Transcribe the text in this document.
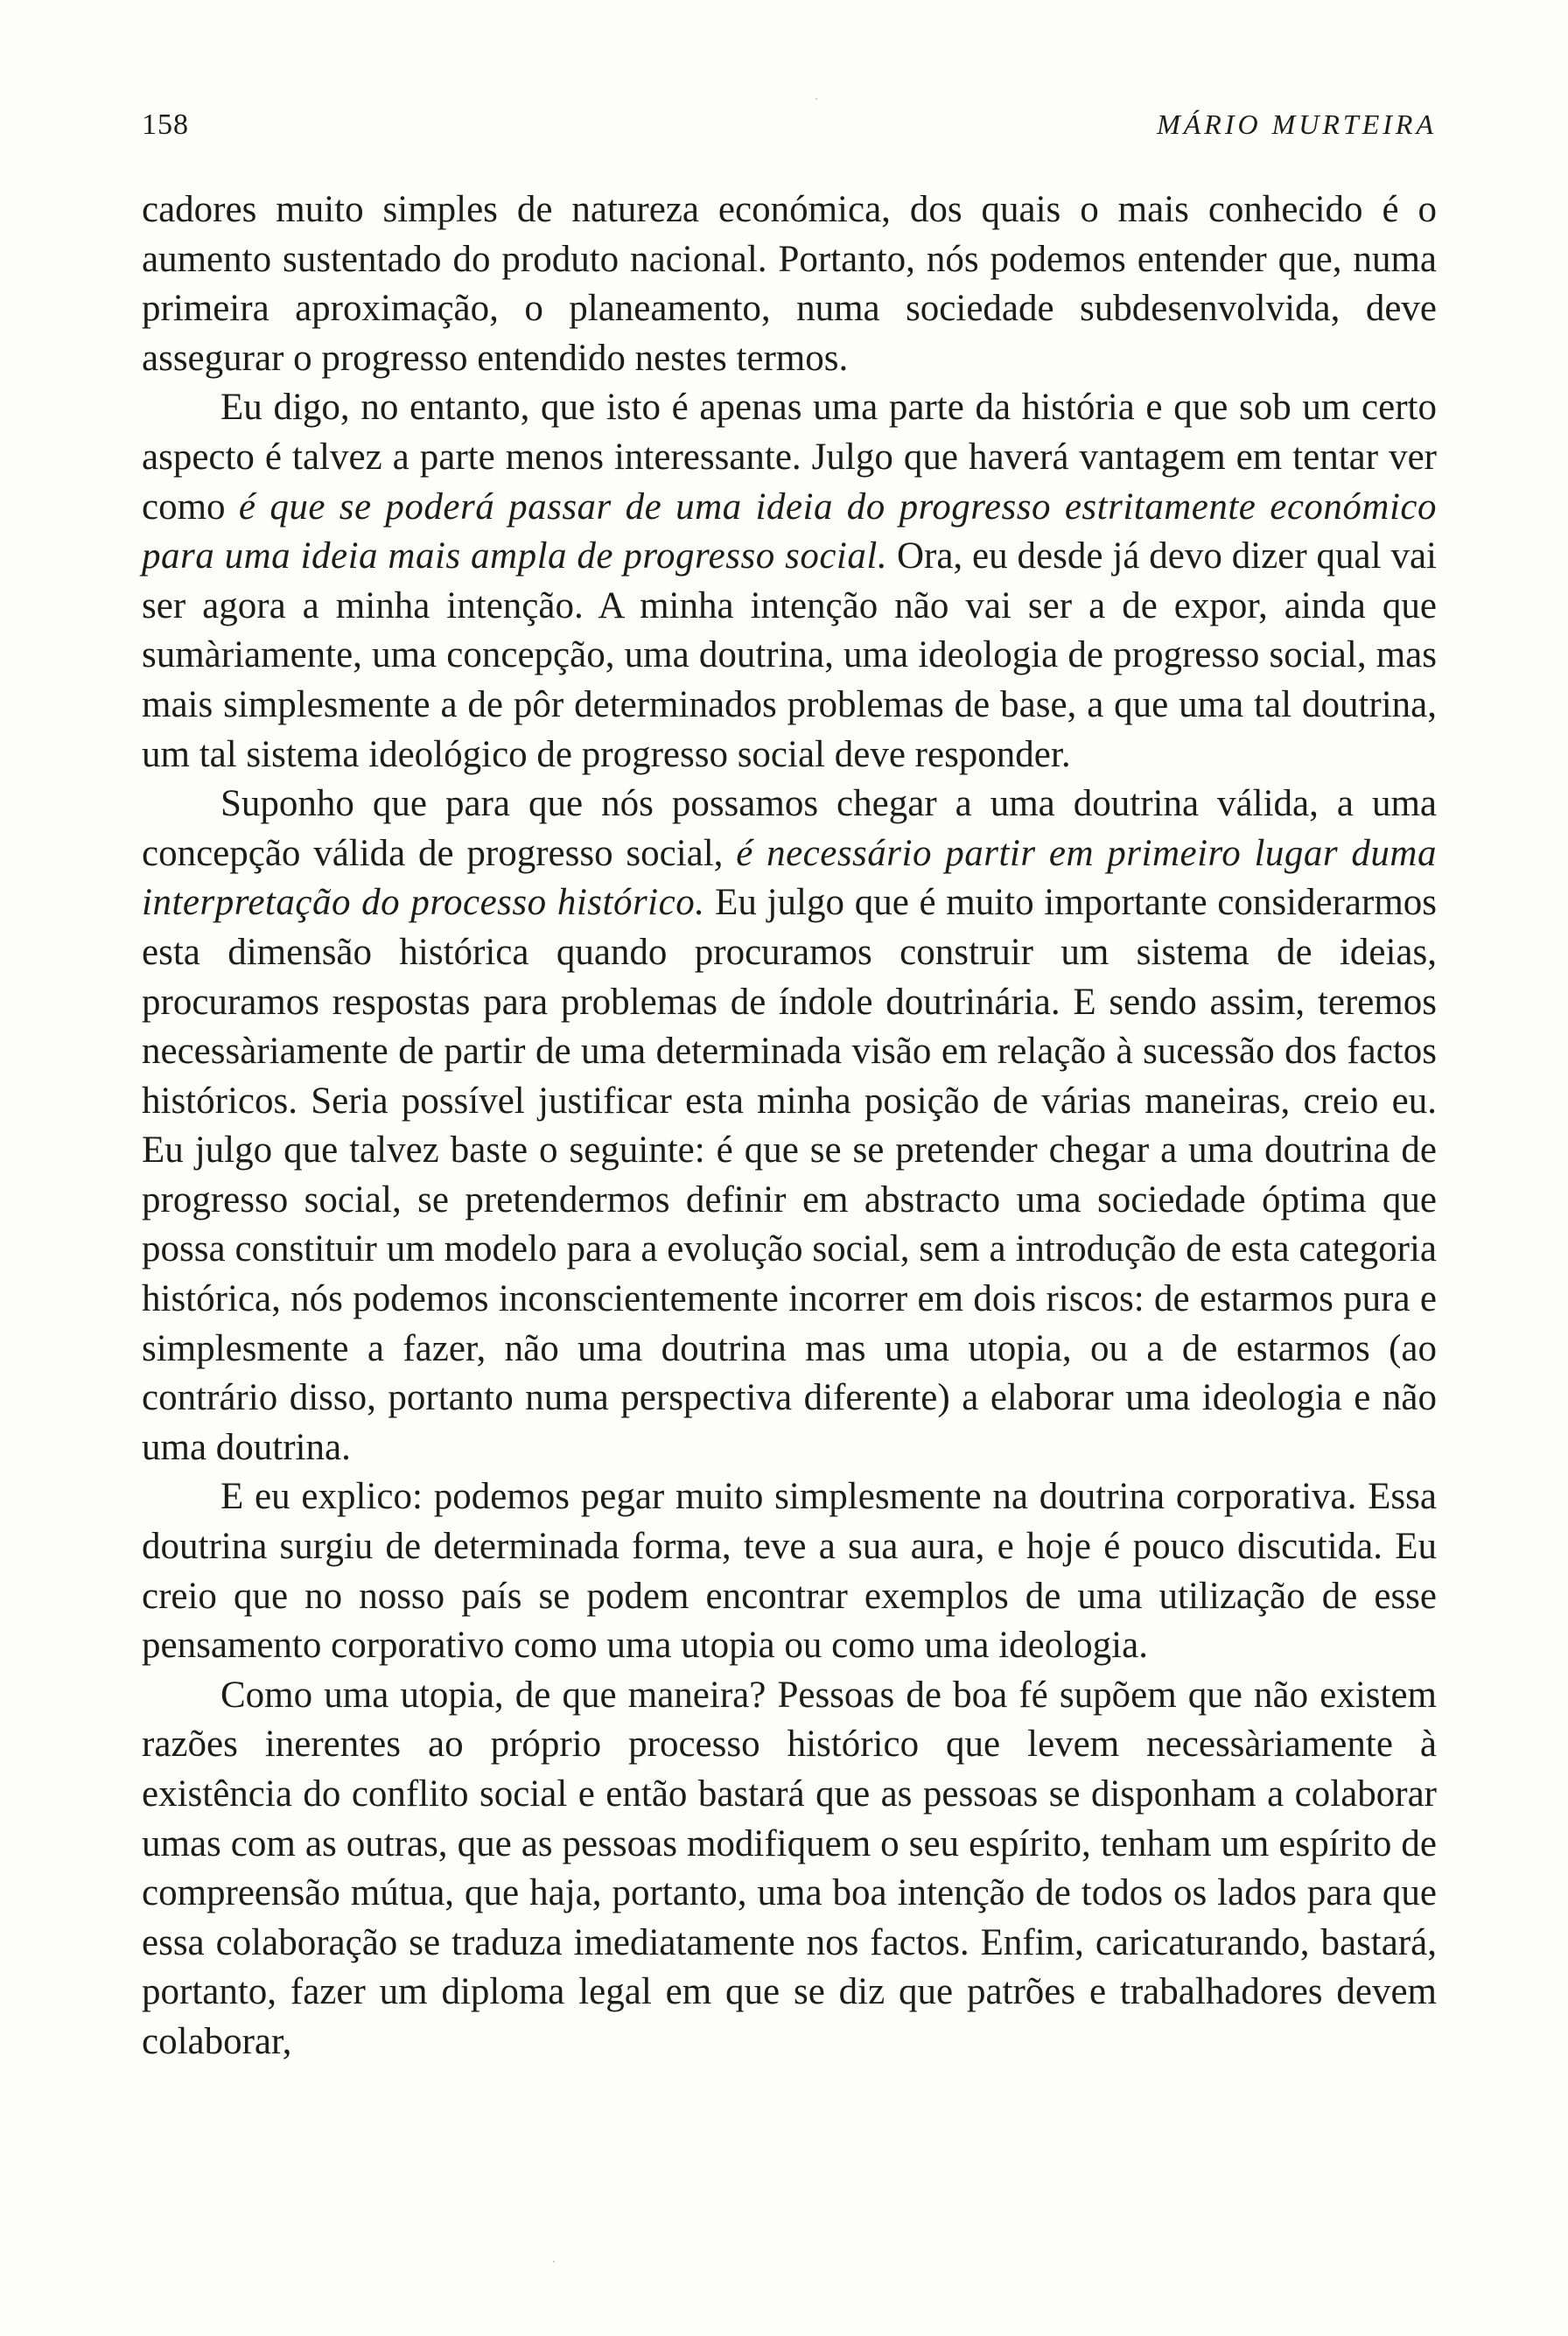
158	MÁRIO MURTEIRA

cadores muito simples de natureza económica, dos quais o mais conhecido é o aumento sustentado do produto nacional. Portanto, nós podemos entender que, numa primeira aproximação, o planeamento, numa sociedade subdesenvolvida, deve assegurar o progresso entendido nestes termos.

Eu digo, no entanto, que isto é apenas uma parte da história e que sob um certo aspecto é talvez a parte menos interessante. Julgo que haverá vantagem em tentar ver como é que se poderá passar de uma ideia do progresso estritamente económico para uma ideia mais ampla de progresso social. Ora, eu desde já devo dizer qual vai ser agora a minha intenção. A minha intenção não vai ser a de expor, ainda que sumàriamente, uma concepção, uma doutrina, uma ideologia de progresso social, mas mais simplesmente a de pôr determinados problemas de base, a que uma tal doutrina, um tal sistema ideológico de progresso social deve responder.

Suponho que para que nós possamos chegar a uma doutrina válida, a uma concepção válida de progresso social, é necessário partir em primeiro lugar duma interpretação do processo histórico. Eu julgo que é muito importante considerarmos esta dimensão histórica quando procuramos construir um sistema de ideias, procuramos respostas para problemas de índole doutrinária. E sendo assim, teremos necessàriamente de partir de uma determinada visão em relação à sucessão dos factos históricos. Seria possível justificar esta minha posição de várias maneiras, creio eu. Eu julgo que talvez baste o seguinte: é que se se pretender chegar a uma doutrina de progresso social, se pretendermos definir em abstracto uma sociedade óptima que possa constituir um modelo para a evolução social, sem a introdução de esta categoria histórica, nós podemos inconscientemente incorrer em dois riscos: de estarmos pura e simplesmente a fazer, não uma doutrina mas uma utopia, ou a de estarmos (ao contrário disso, portanto numa perspectiva diferente) a elaborar uma ideologia e não uma doutrina.

E eu explico: podemos pegar muito simplesmente na doutrina corporativa. Essa doutrina surgiu de determinada forma, teve a sua aura, e hoje é pouco discutida. Eu creio que no nosso país se podem encontrar exemplos de uma utilização de esse pensamento corporativo como uma utopia ou como uma ideologia.

Como uma utopia, de que maneira? Pessoas de boa fé supõem que não existem razões inerentes ao próprio processo histórico que levem necessàriamente à existência do conflito social e então bastará que as pessoas se disponham a colaborar umas com as outras, que as pessoas modifiquem o seu espírito, tenham um espírito de compreensão mútua, que haja, portanto, uma boa intenção de todos os lados para que essa colaboração se traduza imediatamente nos factos. Enfim, caricaturando, bastará, portanto, fazer um diploma legal em que se diz que patrões e trabalhadores devem colaborar,
